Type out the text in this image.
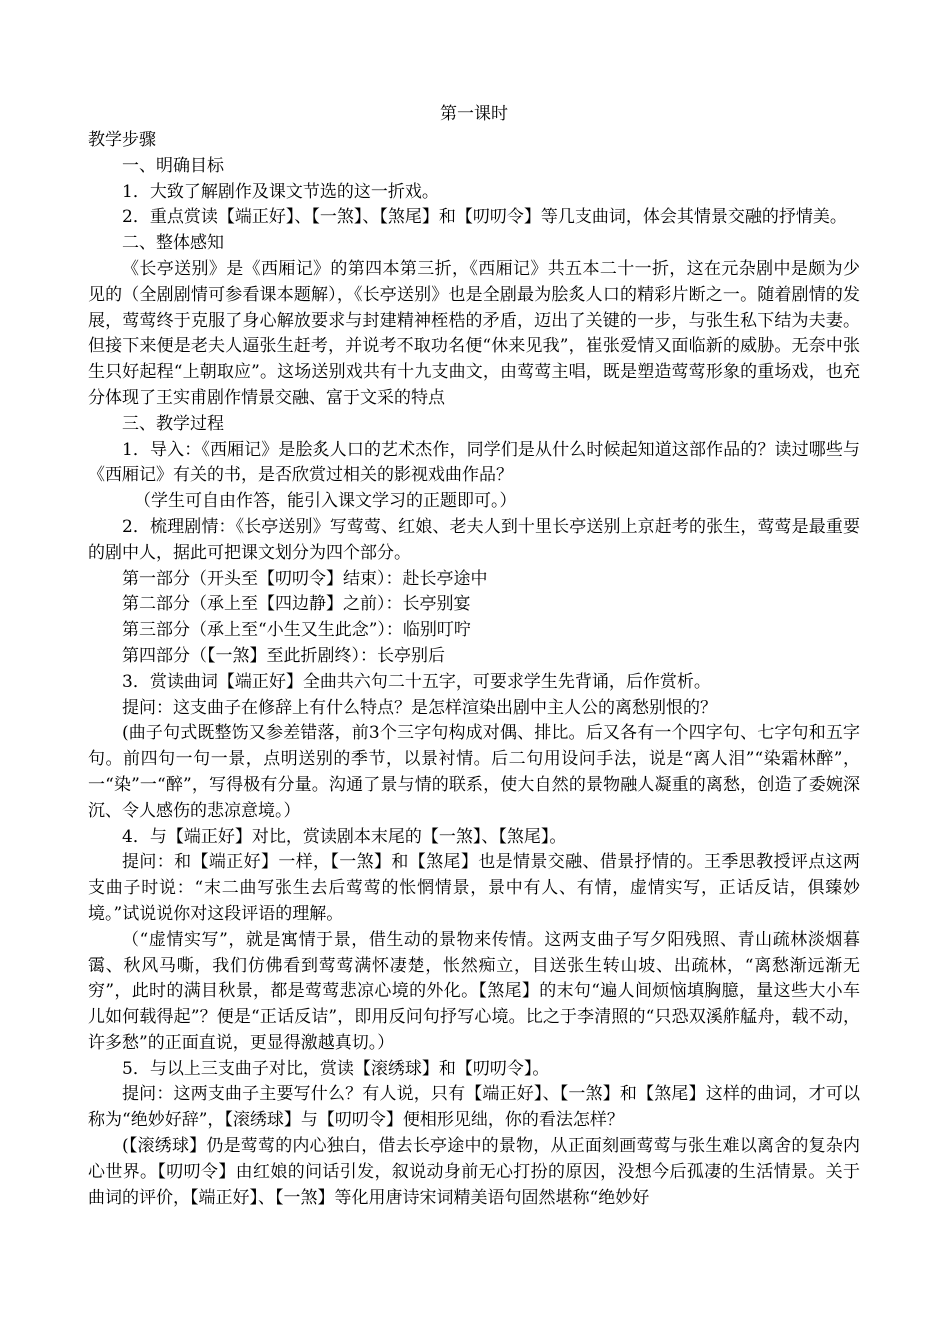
第一课时

教学步骤

一、明确目标

1．大致了解剧作及课文节选的这一折戏。

2．重点赏读【端正好】、【一煞】、【煞尾】和【叨叨令】等几支曲词，体会其情景交融的抒情美。

二、整体感知

《长亭送别》是《西厢记》的第四本第三折，《西厢记》共五本二十一折，这在元杂剧中是颇为少见的（全剧剧情可参看课本题解），《长亭送别》也是全剧最为脍炙人口的精彩片断之一。随着剧情的发展，莺莺终于克服了身心解放要求与封建精神桎梏的矛盾，迈出了关键的一步，与张生私下结为夫妻。但接下来便是老夫人逼张生赶考，并说考不取功名便“休来见我”，崔张爱情又面临新的威胁。无奈中张生只好起程“上朝取应”。这场送别戏共有十九支曲文，由莺莺主唱，既是塑造莺莺形象的重场戏，也充分体现了王实甫剧作情景交融、富于文采的特点

三、教学过程

1．导入：《西厢记》是脍炙人口的艺术杰作，同学们是从什么时候起知道这部作品的？读过哪些与《西厢记》有关的书，是否欣赏过相关的影视戏曲作品？

（学生可自由作答，能引入课文学习的正题即可。）

2．梳理剧情：《长亭送别》写莺莺、红娘、老夫人到十里长亭送别上京赶考的张生，莺莺是最重要的剧中人，据此可把课文划分为四个部分。

第一部分（开头至【叨叨令】结束）：赴长亭途中

第二部分（承上至【四边静】之前）：长亭别宴

第三部分（承上至“小生又生此念”）：临别叮咛

第四部分（【一煞】至此折剧终）：长亭别后

3．赏读曲词【端正好】全曲共六句二十五字，可要求学生先背诵，后作赏析。

提问：这支曲子在修辞上有什么特点？是怎样渲染出剧中主人公的离愁别恨的？

(曲子句式既整饬又参差错落，前3个三字句构成对偶、排比。后又各有一个四字句、七字句和五字句。前四句一句一景，点明送别的季节，以景衬情。后二句用设问手法，说是“离人泪”“染霜林醉”，一“染”一“醉”，写得极有分量。沟通了景与情的联系，使大自然的景物融人凝重的离愁，创造了委婉深沉、令人感伤的悲凉意境。）

4．与【端正好】对比，赏读剧本末尾的【一煞】、【煞尾】。

提问：和【端正好】一样，【一煞】和【煞尾】也是情景交融、借景抒情的。王季思教授评点这两支曲子时说：“末二曲写张生去后莺莺的怅惘情景，景中有人、有情，虚情实写，正话反诘，俱臻妙境。”试说说你对这段评语的理解。

（“虚情实写”，就是寓情于景，借生动的景物来传情。这两支曲子写夕阳残照、青山疏林淡烟暮霭、秋风马嘶，我们仿佛看到莺莺满怀凄楚，怅然痴立，目送张生转山坡、出疏林，“离愁渐远渐无穷”，此时的满目秋景，都是莺莺悲凉心境的外化。【煞尾】的末句“遍人间烦恼填胸臆，量这些大小车儿如何载得起”？便是“正话反诘”，即用反问句抒写心境。比之于李清照的“只恐双溪舴艋舟，载不动，许多愁”的正面直说，更显得激越真切。）

5．与以上三支曲子对比，赏读【滚绣球】和【叨叨令】。

提问：这两支曲子主要写什么？有人说，只有【端正好】、【一煞】和【煞尾】这样的曲词，才可以称为“绝妙好辞”，【滚绣球】与【叨叨令】便相形见绌，你的看法怎样？

(【滚绣球】仍是莺莺的内心独白，借去长亭途中的景物，从正面刻画莺莺与张生难以离舍的复杂内心世界。【叨叨令】由红娘的问话引发，叙说动身前无心打扮的原因，没想今后孤凄的生活情景。关于曲词的评价，【端正好】、【一煞】等化用唐诗宋词精美语句固然堪称“绝妙好
